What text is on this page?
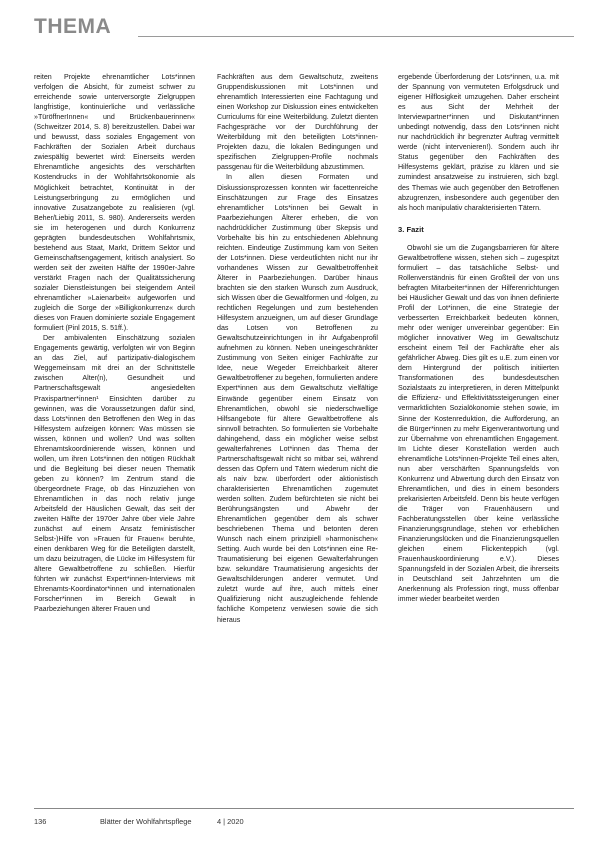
THEMA

reiten Projekte ehrenamtlicher Lots*innen verfolgen die Absicht, für zumeist schwer zu erreichende sowie unterversorgte Zielgruppen langfristige, kontinuierliche und verlässliche »TüröffnerInnen« und Brückenbauerinnen« (Schweitzer 2014, S. 8) bereitzustellen. Dabei war und bewusst, dass soziales Engagement von Fachkräften der Sozialen Arbeit durchaus zwiespältig bewertet wird: Einerseits werden Ehrenamtliche angesichts des verschärften Kostendrucks in der Wohlfahrtsökonomie als Möglichkeit betrachtet, Kontinuität in der Leistungserbringung zu ermöglichen und innovative Zusatzangebote zu realisieren (vgl. Beher/Liebig 2011, S. 980). Andererseits werden sie im heterogenen und durch Konkurrenz geprägten bundesdeutschen Wohlfahrtsmix, bestehend aus Staat, Markt, Drittem Sektor und Gemeinschaftsengagement, kritisch analysiert. So werden seit der zweiten Hälfte der 1990er-Jahre verstärkt Fragen nach der Qualitätssicherung sozialer Dienstleistungen bei steigendem Anteil ehrenamtlicher »Laienarbeit« aufgeworfen und zugleich die Sorge der »Billigkonkurrenz« durch dieses von Frauen dominierte soziale Engagement formuliert (Pinl 2015, S. 51ff.).

Der ambivalenten Einschätzung sozialen Engagements gewärtig, verfolgten wir von Beginn an das Ziel, auf partizipativ-dialogischem Weggemeinsam mit drei an der Schnittstelle zwischen Alter(n), Gesundheit und Partnerschaftsgewalt angesiedelten Praxispartner*innen¹ Einsichten darüber zu gewinnen, was die Voraussetzungen dafür sind, dass Lots*innen den Betroffenen den Weg in das Hilfesystem aufzeigen können: Was müssen sie wissen, können und wollen? Und was sollten Ehrenamtskoordinierende wissen, können und wollen, um ihren Lots*innen den nötigen Rückhalt und die Begleitung bei dieser neuen Thematik geben zu können? Im Zentrum stand die übergeordnete Frage, ob das Hinzuziehen von Ehrenamtlichen in das noch relativ junge Arbeitsfeld der Häuslichen Gewalt, das seit der zweiten Hälfte der 1970er Jahre über viele Jahre zunächst auf einem Ansatz feministischer Selbst-)Hilfe von »Frauen für Frauen« beruhte, einen denkbaren Weg für die Beteiligten darstellt, um dazu beizutragen, die Lücke im Hilfesystem für ältere Gewaltbetroffene zu schließen. Hierfür führten wir zunächst Expert*innen-Interviews mit Ehrenamts-Koordinator*innen und internationalen Forscher*innen im Bereich Gewalt in Paarbeziehungen älterer Frauen und

Fachkräften aus dem Gewaltschutz, zweitens Gruppendiskussionen mit Lots*innen und ehrenamtlich Interessierten eine Fachtagung und einen Workshop zur Diskussion eines entwickelten Curriculums für eine Weiterbildung. Zuletzt dienten Fachgespräche vor der Durchführung der Weiterbildung mit den beteiligten Lots*innen-Projekten dazu, die lokalen Bedingungen und spezifischen Zielgruppen-Profile nochmals passgenau für die Weiterbildung abzustimmen.

In allen diesen Formaten und Diskussionsprozessen konnten wir facettenreiche Einschätzungen zur Frage des Einsatzes ehrenamtlicher Lots*innen bei Gewalt in Paarbeziehungen Älterer erheben, die von nachdrücklicher Zustimmung über Skepsis und Vorbehalte bis hin zu entschiedenen Ablehnung reichten. Eindeutige Zustimmung kam von Seiten der Lots*innen. Diese verdeutlichten nicht nur ihr vorhandenes Wissen zur Gewaltbetroffenheit Älterer in Paarbeziehungen. Darüber hinaus brachten sie den starken Wunsch zum Ausdruck, sich Wissen über die Gewaltformen und -folgen, zu rechtlichen Regelungen und zum bestehenden Hilfesystem anzueignen, um auf dieser Grundlage das Lotsen von Betroffenen zu Gewaltschutzeinrichtungen in ihr Aufgabenprofil aufnehmen zu können. Neben uneingeschränkter Zustimmung von Seiten einiger Fachkräfte zur Idee, neue Wegeder Erreichbarkeit älterer Gewaltbetroffener zu begehen, formulierten andere Expert*innen aus dem Gewaltschutz vielfältige Einwände gegenüber einem Einsatz von Ehrenamtlichen, obwohl sie niederschwellige Hilfsangebote für ältere Gewaltbetroffene als sinnvoll betrachten. So formulierten sie Vorbehalte dahingehend, dass ein möglicher weise selbst gewalterfahrenes Lot*innen das Thema der Partnerschaftsgewalt nicht so mitbar sei, während dessen das Opfern und Tätern wiederum nicht die als naiv bzw. überfordert oder aktionistisch charakterisierten Ehrenamtlichen zugemutet werden sollten. Zudem befürchteten sie nicht bei Berührungsängsten und Abwehr der Ehrenamtlichen gegenüber dem als schwer beschriebenen Thema und betonten deren Wunsch nach einem prinzipiell »harmonischen« Setting. Auch wurde bei den Lots*innen eine Re-Traumatisierung bei eigenen Gewalterfahrungen bzw. sekundäre Traumatisierung angesichts der Gewaltschilderungen anderer vermutet. Und zuletzt wurde auf ihre, auch mittels einer Qualifizierung nicht auszugleichende fehlende fachliche Kompetenz verwiesen sowie die sich hieraus

ergebende Überforderung der Lots*innen, u.a. mit der Spannung von vermuteten Erfolgsdruck und eigener Hilflosigkeit umzugehen. Daher erscheint es aus Sicht der Mehrheit der Interviewpartner*innen und Diskutant*innen unbedingt notwendig, dass den Lots*innen nicht nur nachdrücklich ihr begrenzter Auftrag vermittelt werde (nicht intervenieren!). Sondern auch ihr Status gegenüber den Fachkräften des Hilfesystems geklärt, präzise zu klären und sie zumindest ansatzweise zu instruieren, sich bzgl. des Themas wie auch gegenüber den Betroffenen abzugrenzen, insbesondere auch gegenüber den als hoch manipulativ charakterisierten Tätern.

3. Fazit

Obwohl sie um die Zugangsbarrieren für ältere Gewaltbetroffene wissen, stehen sich – zugespitzt formuliert – das tatsächliche Selbst- und Rollenverständnis für einen Großteil der von uns befragten Mitarbeiter*innen der Hilferenrichtungen bei Häuslicher Gewalt und das von ihnen definierte Profil der Lot*innen, die eine Strategie der verbesserten Erreichbarkeit bedeuten können, mehr oder weniger unvereinbar gegenüber: Ein möglicher innovativer Weg im Gewaltschutz erscheint einem Teil der Fachkräfte eher als gefährlicher Abweg. Dies gilt es u.E. zum einen vor dem Hintergrund der politisch initiierten Transformationen des bundesdeutschen Sozialstaats zu interpretieren, in deren Mittelpunkt die Effizienz- und Effektivitätssteigerungen einer vermarktlichten Sozialökonomie stehen sowie, im Sinne der Kostenreduktion, die Aufforderung, an die Bürger*innen zu mehr Eigenverantwortung und zur Übernahme von ehrenamtlichen Engagement. Im Lichte dieser Konstellation werden auch ehrenamtliche Lots*innen-Projekte Teil eines alten, nun aber verschärften Spannungsfelds von Konkurrenz und Abwertung durch den Einsatz von Ehrenamtlichen, und dies in einem besonders prekarisierten Arbeitsfeld. Denn bis heute verfügen die Träger von Frauenhäusern und Fachberatungsstellen über keine verlässliche Finanzierungsgrundlage, stehen vor erheblichen Finanzierungslücken und die Finanzierungsquellen gleichen einem Flickenteppich (vgl. Frauenhauskoordinierung e.V.). Dieses Spannungsfeld in der Sozialen Arbeit, die ihrerseits in Deutschland seit Jahrzehnten um die Anerkennung als Profession ringt, muss offenbar immer wieder bearbeitet werden

136	Blätter der Wohlfahrtspflege	4 | 2020
